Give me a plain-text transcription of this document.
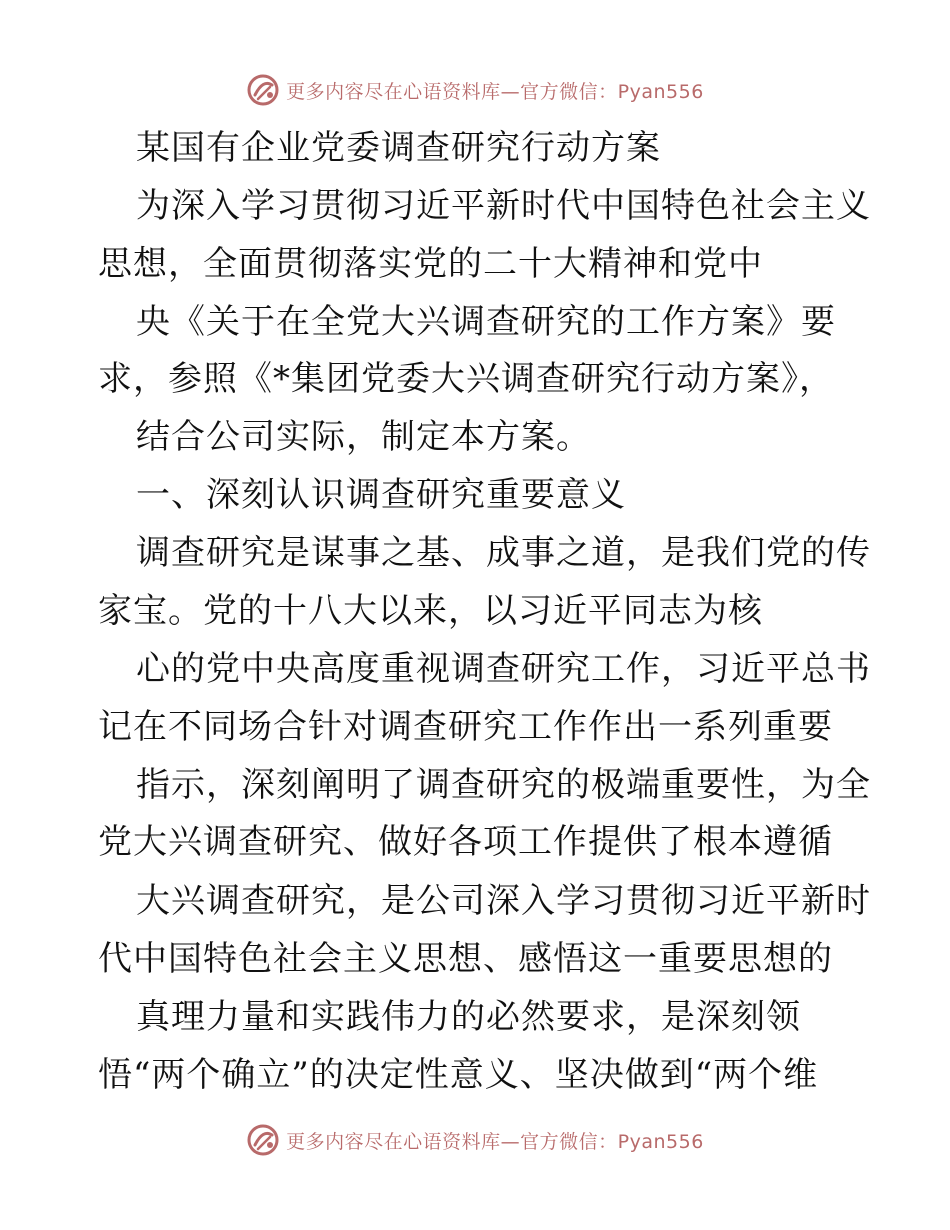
更多内容尽在心语资料库—官方微信：Pyan556
某国有企业党委调查研究行动方案
为深入学习贯彻习近平新时代中国特色社会主义
思想，全面贯彻落实党的二十大精神和党中
央《关于在全党大兴调查研究的工作方案》要
求，参照《*集团党委大兴调查研究行动方案》，
结合公司实际，制定本方案。
一、深刻认识调查研究重要意义
调查研究是谋事之基、成事之道，是我们党的传
家宝。党的十八大以来，以习近平同志为核
心的党中央高度重视调查研究工作，习近平总书
记在不同场合针对调查研究工作作出一系列重要
指示，深刻阐明了调查研究的极端重要性，为全
党大兴调查研究、做好各项工作提供了根本遵循
大兴调查研究，是公司深入学习贯彻习近平新时
代中国特色社会主义思想、感悟这一重要思想的
真理力量和实践伟力的必然要求，是深刻领
悟“两个确立”的决定性意义、坚决做到“两个维
更多内容尽在心语资料库—官方微信：Pyan556
